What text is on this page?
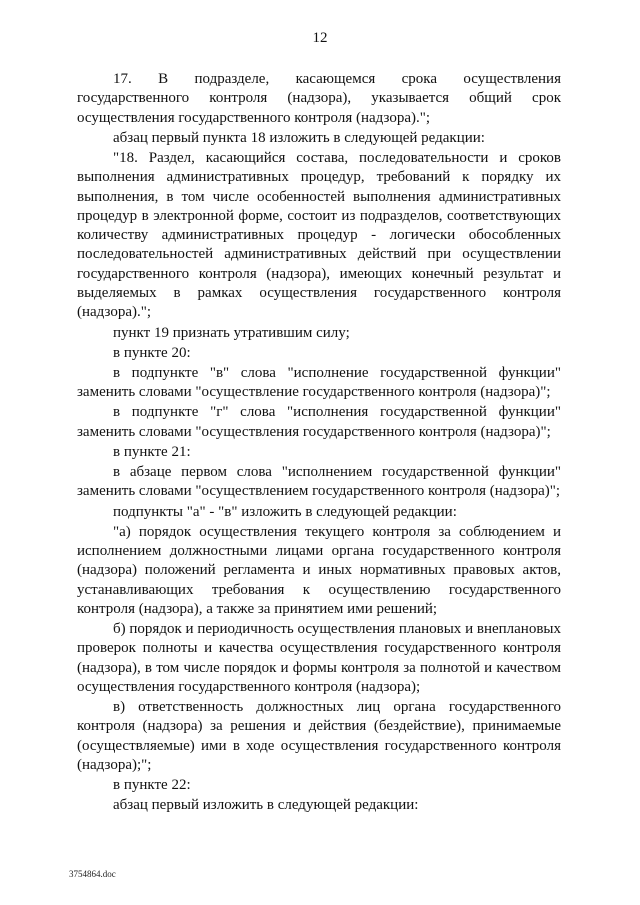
12

17. В подразделе, касающемся срока осуществления государственного контроля (надзора), указывается общий срок осуществления государственного контроля (надзора).";

абзац первый пункта 18 изложить в следующей редакции:

"18. Раздел, касающийся состава, последовательности и сроков выполнения административных процедур, требований к порядку их выполнения, в том числе особенностей выполнения административных процедур в электронной форме, состоит из подразделов, соответствующих количеству административных процедур - логически обособленных последовательностей административных действий при осуществлении государственного контроля (надзора), имеющих конечный результат и выделяемых в рамках осуществления государственного контроля (надзора).";

пункт 19 признать утратившим силу;

в пункте 20:

в подпункте "в" слова "исполнение государственной функции" заменить словами "осуществление государственного контроля (надзора)";

в подпункте "г" слова "исполнения государственной функции" заменить словами "осуществления государственного контроля (надзора)";

в пункте 21:

в абзаце первом слова "исполнением государственной функции" заменить словами "осуществлением государственного контроля (надзора)";

подпункты "а" - "в" изложить в следующей редакции:

"а) порядок осуществления текущего контроля за соблюдением и исполнением должностными лицами органа государственного контроля (надзора) положений регламента и иных нормативных правовых актов, устанавливающих требования к осуществлению государственного контроля (надзора), а также за принятием ими решений;

б) порядок и периодичность осуществления плановых и внеплановых проверок полноты и качества осуществления государственного контроля (надзора), в том числе порядок и формы контроля за полнотой и качеством осуществления государственного контроля (надзора);

в) ответственность должностных лиц органа государственного контроля (надзора) за решения и действия (бездействие), принимаемые (осуществляемые) ими в ходе осуществления государственного контроля (надзора);";

в пункте 22:

абзац первый изложить в следующей редакции:

3754864.doc
